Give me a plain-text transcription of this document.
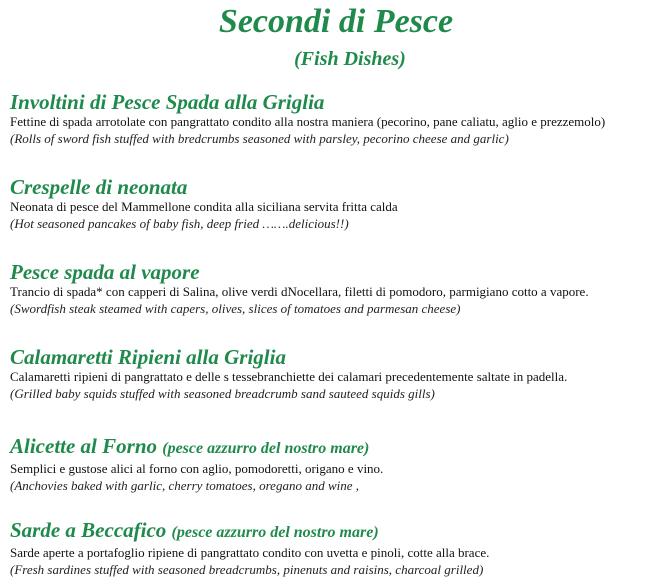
Secondi di Pesce
(Fish Dishes)
Involtini di Pesce Spada alla Griglia
Fettine di spada arrotolate con pangrattato condito alla nostra maniera (pecorino, pane caliatu, aglio e prezzemolo)
(Rolls of sword fish stuffed with bredcrumbs seasoned with parsley, pecorino cheese and garlic)
Crespelle di neonata
Neonata di pesce del Mammellone condita alla siciliana servita fritta calda
(Hot seasoned pancakes of baby fish, deep fried …….delicious!!)
Pesce spada al vapore
Trancio di spada* con capperi di Salina, olive verdi dNocellara, filetti di pomodoro, parmigiano cotto a vapore.
(Swordfish steak steamed with capers, olives, slices of tomatoes and parmesan cheese)
Calamaretti Ripieni alla Griglia
Calamaretti ripieni di pangrattato e delle s tessebranchiette dei calamari precedentemente saltate in padella.
(Grilled baby squids stuffed with seasoned breadcrumb sand sauteed squids gills)
Alicette al Forno (pesce azzurro del nostro mare)
Semplici e gustose alici al forno con aglio, pomodoretti, origano e vino.
(Anchovies baked with garlic, cherry tomatoes, oregano and wine ,
Sarde a Beccafico (pesce azzurro del nostro mare)
Sarde aperte a portafoglio ripiene di pangrattato condito con uvetta e pinoli, cotte alla brace.
(Fresh sardines stuffed with seasoned breadcrumbs, pinenuts and raisins, charcoal grilled)
